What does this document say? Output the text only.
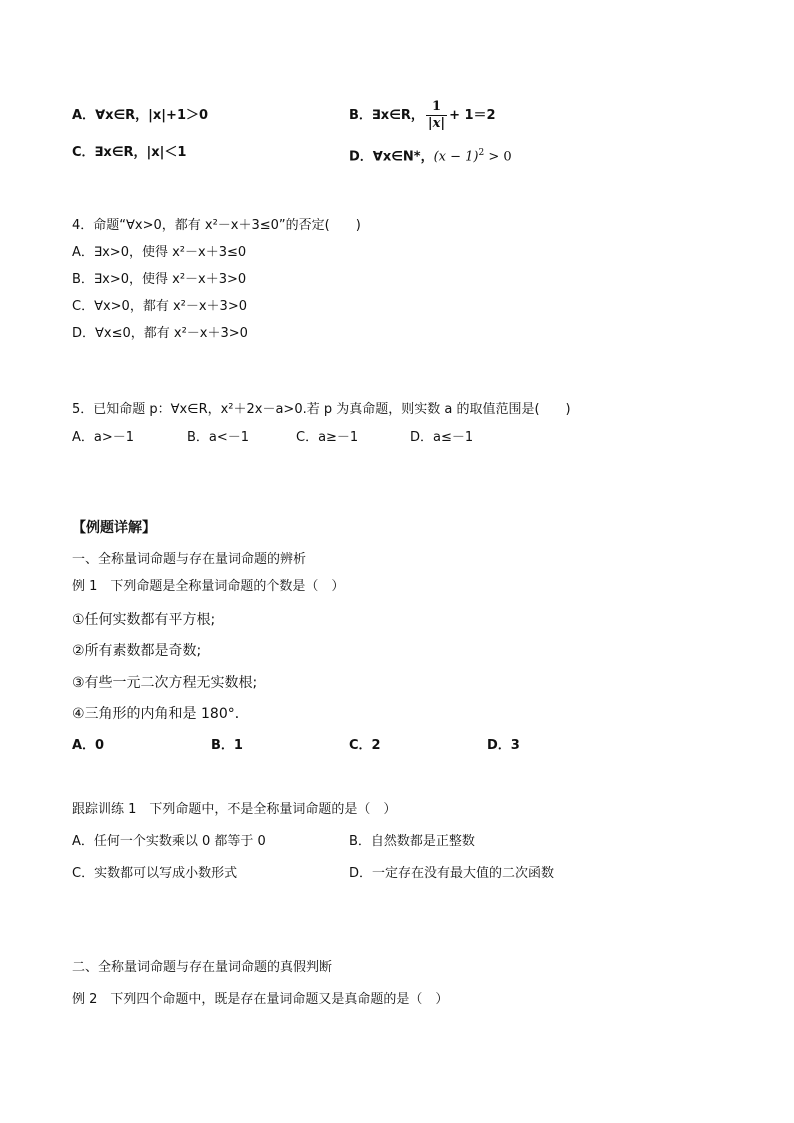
A．∀x∈R，|x|+1＞0	B．∃x∈R， $\frac{1}{|x|} + 1=2$
C．∃x∈R，|x|＜1	D．∀x∈N*，$(x - 1)^2 > 0$
4．命题“∀x>0，都有 x²－x＋3≤0”的否定(　　)
A．∃x>0，使得 x²－x＋3≤0
B．∃x>0，使得 x²－x＋3>0
C．∀x>0，都有 x²－x＋3>0
D．∀x≤0，都有 x²－x＋3>0
5．已知命题 p：∀x∈R，x²＋2x－a>0.若 p 为真命题，则实数 a 的取值范围是(　　)
A．a>－1	B．a<－1	C．a≥－1	D．a≤－1
【例题详解】
一、全称量词命题与存在量词命题的辨析
例 1　下列命题是全称量词命题的个数是（　）
①任何实数都有平方根;
②所有素数都是奇数;
③有些一元二次方程无实数根;
④三角形的内角和是 180°．
A．0	B．1	C．2	D．3
跟踪训练 1　下列命题中，不是全称量词命题的是（　）
A．任何一个实数乘以 0 都等于 0	B．自然数都是正整数
C．实数都可以写成小数形式	D．一定存在没有最大值的二次函数
二、全称量词命题与存在量词命题的真假判断
例 2　下列四个命题中，既是存在量词命题又是真命题的是（　）
